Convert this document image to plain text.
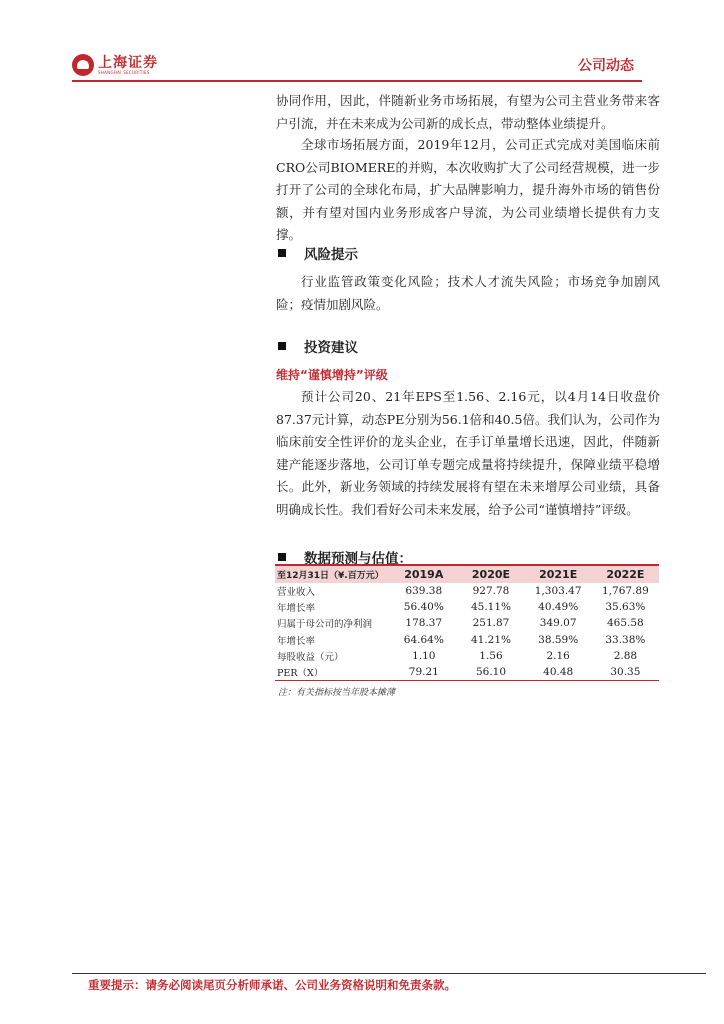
上海证券
SHANGHAI SECURITIES	公司动态

协同作用，因此，伴随新业务市场拓展，有望为公司主营业务带来客户引流，并在未来成为公司新的成长点，带动整体业绩提升。

全球市场拓展方面，2019年12月，公司正式完成对美国临床前CRO公司BIOMERE的并购，本次收购扩大了公司经营规模，进一步打开了公司的全球化布局，扩大品牌影响力，提升海外市场的销售份额，并有望对国内业务形成客户导流，为公司业绩增长提供有力支撑。

风险提示

行业监管政策变化风险；技术人才流失风险；市场竞争加剧风险；疫情加剧风险。

投资建议
维持“谨慎增持”评级

预计公司20、21年EPS至1.56、2.16元，以4月14日收盘价87.37元计算，动态PE分别为56.1倍和40.5倍。我们认为，公司作为临床前安全性评价的龙头企业，在手订单量增长迅速，因此，伴随新建产能逐步落地，公司订单专题完成量将持续提升，保障业绩平稳增长。此外，新业务领域的持续发展将有望在未来增厚公司业绩，具备明确成长性。我们看好公司未来发展，给予公司“谨慎增持”评级。

数据预测与估值：
至12月31日（¥.百万元）	2019A	2020E	2021E	2022E
营业收入	639.38	927.78	1,303.47	1,767.89
年增长率	56.40%	45.11%	40.49%	35.63%
归属于母公司的净利润	178.37	251.87	349.07	465.58
年增长率	64.64%	41.21%	38.59%	33.38%
每股收益（元）	1.10	1.56	2.16	2.88
PER（X）	79.21	56.10	40.48	30.35
注：有关指标按当年股本摊薄
重要提示：请务必阅读尾页分析师承诺、公司业务资格说明和免责条款。
